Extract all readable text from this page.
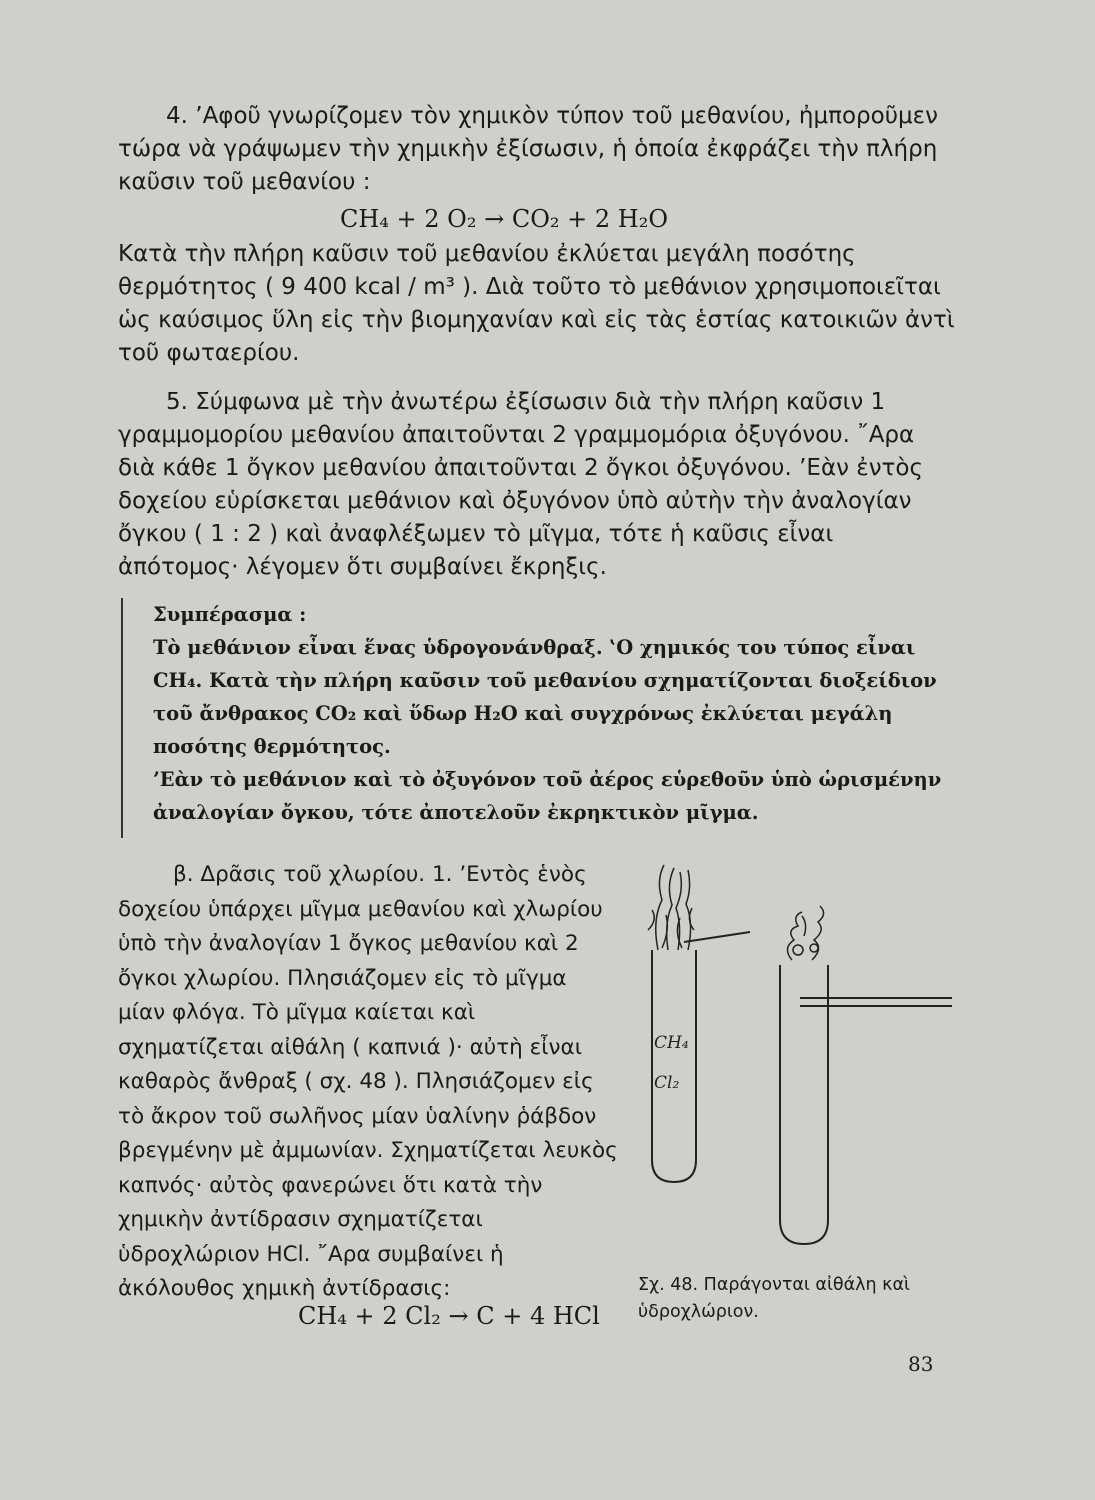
4. ’Αφοῦ γνωρίζομεν τὸν χημικὸν τύπον τοῦ μεθανίου, ἠμποροῦμεν τώρα νὰ γράψωμεν τὴν χημικὴν ἐξίσωσιν, ἡ ὁποία ἐκφράζει τὴν πλήρη καῦσιν τοῦ μεθανίου :

CH₄ + 2 O₂ → CO₂ + 2 H₂O

Κατὰ τὴν πλήρη καῦσιν τοῦ μεθανίου ἐκλύεται μεγάλη ποσότης θερμότητος ( 9 400 kcal / m³ ). Διὰ τοῦτο τὸ μεθάνιον χρησιμοποιεῖται ὡς καύσιμος ὕλη εἰς τὴν βιομηχανίαν καὶ εἰς τὰς ἑστίας κατοικιῶν ἀντὶ τοῦ φωταερίου.

5. Σύμφωνα μὲ τὴν ἀνωτέρω ἐξίσωσιν διὰ τὴν πλήρη καῦσιν 1 γραμμομορίου μεθανίου ἀπαιτοῦνται 2 γραμμομόρια ὀξυγόνου. ῎Αρα διὰ κάθε 1 ὄγκον μεθανίου ἀπαιτοῦνται 2 ὄγκοι ὀξυγόνου. ’Εὰν ἐντὸς δοχείου εὑρίσκεται μεθάνιον καὶ ὀξυγόνον ὑπὸ αὐτὴν τὴν ἀναλογίαν ὄγκου ( 1 : 2 ) καὶ ἀναφλέξωμεν τὸ μῖγμα, τότε ἡ καῦσις εἶναι ἀπότομος· λέγομεν ὅτι συμβαίνει ἔκρηξις.

Συμπέρασμα :

Τὸ μεθάνιον εἶναι ἕνας ὑδρογονάνθραξ. ‛Ο χημικός του τύπος εἶναι CH₄. Κατὰ τὴν πλήρη καῦσιν τοῦ μεθανίου σχηματίζονται διοξείδιον τοῦ ἄνθρακος CO₂ καὶ ὕδωρ H₂O καὶ συγχρόνως ἐκλύεται μεγάλη ποσότης θερμότητος.

’Εὰν τὸ μεθάνιον καὶ τὸ ὀξυγόνον τοῦ ἀέρος εὑρεθοῦν ὑπὸ ὡρισμένην ἀναλογίαν ὄγκου, τότε ἀποτελοῦν ἐκρηκτικὸν μῖγμα.

β. Δρᾶσις τοῦ χλωρίου. 1. ’Εντὸς ἑνὸς δοχείου ὑπάρχει μῖγμα μεθανίου καὶ χλωρίου ὑπὸ τὴν ἀναλογίαν 1 ὄγκος μεθανίου καὶ 2 ὄγκοι χλωρίου. Πλησιάζομεν εἰς τὸ μῖγμα μίαν φλόγα. Τὸ μῖγμα καίεται καὶ σχηματίζεται αἰθάλη ( καπνιά )· αὐτὴ εἶναι καθαρὸς ἄνθραξ ( σχ. 48 ). Πλησιάζομεν εἰς τὸ ἄκρον τοῦ σωλῆνος μίαν ὑαλίνην ῥάβδον βρεγμένην μὲ ἀμμωνίαν. Σχηματίζεται λευκὸς καπνός· αὐτὸς φανερώνει ὅτι κατὰ τὴν χημικὴν ἀντίδρασιν σχηματίζεται ὑδροχλώριον HCl. ῎Αρα συμβαίνει ἡ ἀκόλουθος χημικὴ ἀντίδρασις:

CH₄ + 2 Cl₂ → C + 4 HCl
CH₄
Cl₂
Σχ. 48. Παράγονται αἰθάλη καὶ ὑδροχλώριον.
83
